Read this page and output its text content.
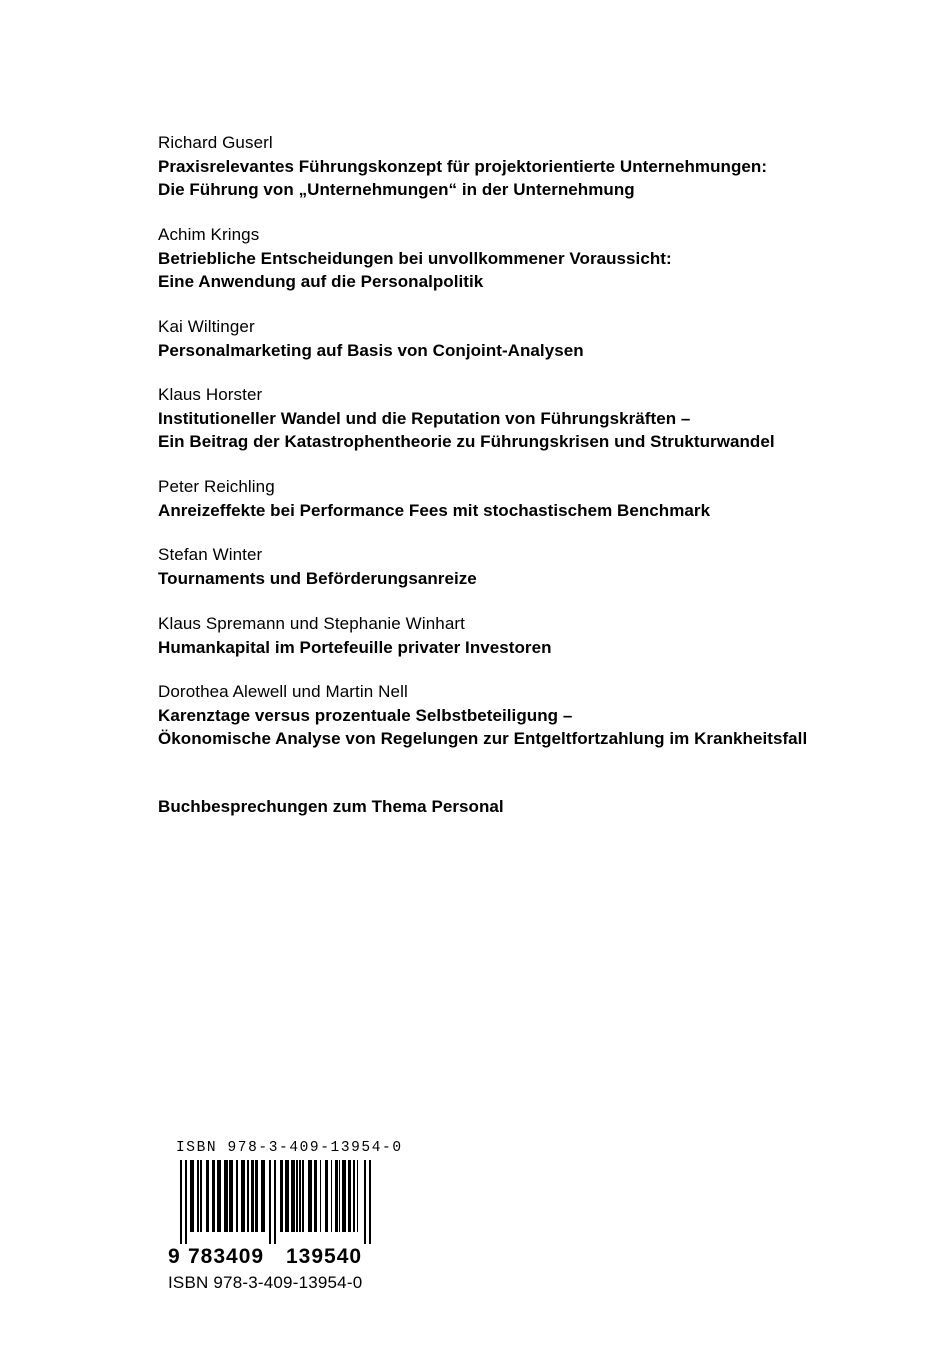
Richard Guserl
Praxisrelevantes Führungskonzept für projektorientierte Unternehmungen:
Die Führung von „Unternehmungen“ in der Unternehmung
Achim Krings
Betriebliche Entscheidungen bei unvollkommener Voraussicht:
Eine Anwendung auf die Personalpolitik
Kai Wiltinger
Personalmarketing auf Basis von Conjoint-Analysen
Klaus Horster
Institutioneller Wandel und die Reputation von Führungskräften –
Ein Beitrag der Katastrophentheorie zu Führungskrisen und Strukturwandel
Peter Reichling
Anreizeffekte bei Performance Fees mit stochastischem Benchmark
Stefan Winter
Tournaments und Beförderungsanreize
Klaus Spremann und Stephanie Winhart
Humankapital im Portefeuille privater Investoren
Dorothea Alewell und Martin Nell
Karenztage versus prozentuale Selbstbeteiligung –
Ökonomische Analyse von Regelungen zur Entgeltfortzahlung im Krankheitsfall
Buchbesprechungen zum Thema Personal
ISBN 978-3-409-13954-0
9 783409 139540
ISBN 978-3-409-13954-0
